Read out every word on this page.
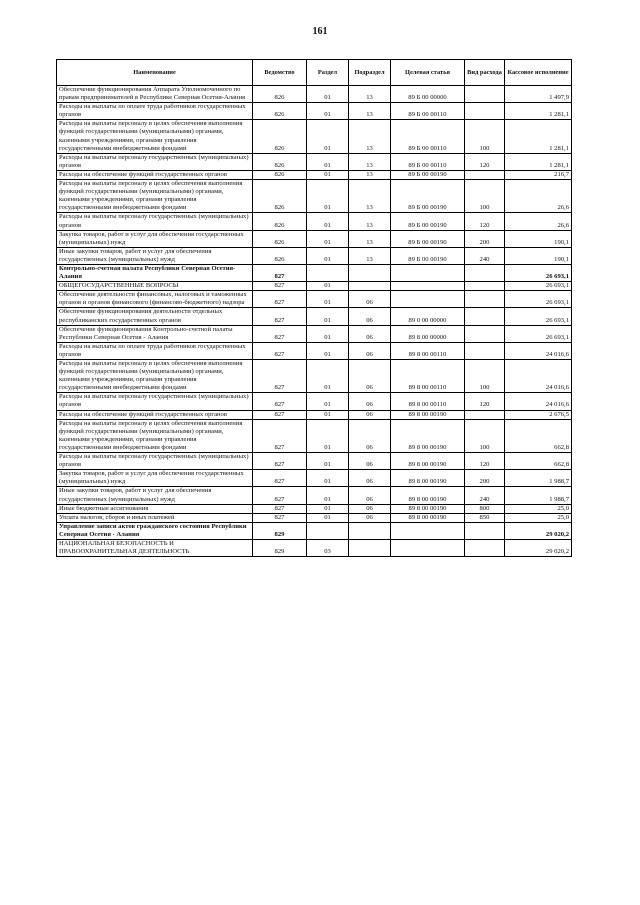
161
Наименование	Ведомство	Раздел	Подраздел	Целевая статья	Вид расхода	Кассовое исполнение
Обеспечение функционирования Аппарата Уполномоченного по правам предпринимателей в Республике Северная Осетия-Алания	826	01	13	89 Б 00 00000		1 497,9
Расходы на выплаты по оплате труда работников государственных органов	826	01	13	89 Б 00 00110		1 281,1
Расходы на выплаты персоналу в целях обеспечения выполнения функций государственными (муниципальными) органами, казенными учреждениями, органами управления государственными внебюджетными фондами	826	01	13	89 Б 00 00110	100	1 281,1
Расходы на выплаты персоналу государственных (муниципальных) органов	826	01	13	89 Б 00 00110	120	1 281,1
Расходы на обеспечение функций государственных органов	826	01	13	89 Б 00 00190		216,7
Расходы на выплаты персоналу в целях обеспечения выполнения функций государственными (муниципальными) органами, казенными учреждениями, органами управления государственными внебюджетными фондами	826	01	13	89 Б 00 00190	100	26,6
Расходы на выплаты персоналу государственных (муниципальных) органов	826	01	13	89 Б 00 00190	120	26,6
Закупка товаров, работ и услуг для обеспечения государственных (муниципальных) нужд	826	01	13	89 Б 00 00190	200	190,1
Иные закупки товаров, работ и услуг для обеспечения государственных (муниципальных) нужд	826	01	13	89 Б 00 00190	240	190,1
Контрольно-счетная палата Республики Северная Осетия-Алания	827					26 693,1
ОБЩЕГОСУДАРСТВЕННЫЕ ВОПРОСЫ	827	01				26 693,1
Обеспечение деятельности финансовых, налоговых и таможенных органов и органов финансового (финансово-бюджетного) надзора	827	01	06			26 693,1
Обеспечение функционирования деятельности отдельных республиканских государственных органов	827	01	06	89 0 00 00000		26 693,1
Обеспечение функционирования Контрольно-счетной палаты Республики Северная Осетия - Алания	827	01	06	89 8 00 00000		26 693,1
Расходы на выплаты по оплате труда работников государственных органов	827	01	06	89 8 00 00110		24 016,6
Расходы на выплаты персоналу в целях обеспечения выполнения функций государственными (муниципальными) органами, казенными учреждениями, органами управления государственными внебюджетными фондами	827	01	06	89 8 00 00110	100	24 016,6
Расходы на выплаты персоналу государственных (муниципальных) органов	827	01	06	89 8 00 00110	120	24 016,6
Расходы на обеспечение функций государственных органов	827	01	06	89 8 00 00190		2 676,5
Расходы на выплаты персоналу в целях обеспечения выполнения функций государственными (муниципальными) органами, казенными учреждениями, органами управления государственными внебюджетными фондами	827	01	06	89 8 00 00190	100	662,8
Расходы на выплаты персоналу государственных (муниципальных) органов	827	01	06	89 8 00 00190	120	662,8
Закупка товаров, работ и услуг для обеспечения государственных (муниципальных) нужд	827	01	06	89 8 00 00190	200	1 988,7
Иные закупки товаров, работ и услуг для обеспечения государственных (муниципальных) нужд	827	01	06	89 8 00 00190	240	1 988,7
Иные бюджетные ассигнования	827	01	06	89 8 00 00190	800	25,0
Уплата налогов, сборов и иных платежей	827	01	06	89 8 00 00190	850	25,0
Управление записи актов гражданского состояния Республики Северная Осетия - Алания	829					29 020,2
НАЦИОНАЛЬНАЯ БЕЗОПАСНОСТЬ И ПРАВООХРАНИТЕЛЬНАЯ ДЕЯТЕЛЬНОСТЬ	829	03				29 020,2
